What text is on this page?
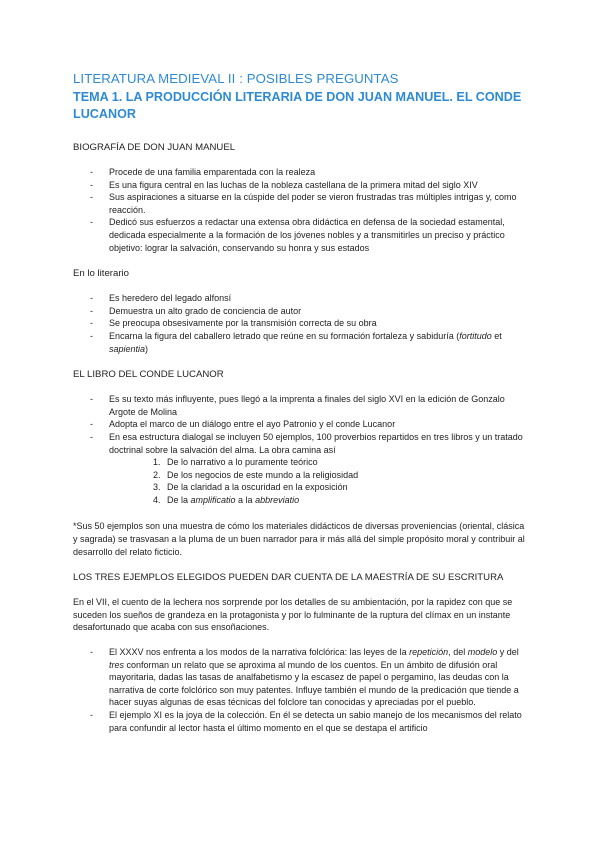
LITERATURA MEDIEVAL II : POSIBLES PREGUNTAS
TEMA 1. LA PRODUCCIÓN LITERARIA DE DON JUAN MANUEL. EL CONDE LUCANOR
BIOGRAFÍA DE DON JUAN MANUEL
- Procede de una familia emparentada con la realeza
- Es una figura central en las luchas de la nobleza castellana de la primera mitad del siglo XIV
- Sus aspiraciones a situarse en la cúspide del poder se vieron frustradas tras múltiples intrigas y, como reacción.
- Dedicó sus esfuerzos a redactar una extensa obra didáctica en defensa de la sociedad estamental, dedicada especialmente a la formación de los jóvenes nobles y a transmitirles un preciso y práctico objetivo: lograr la salvación, conservando su honra y sus estados
En lo literario
- Es heredero del legado alfonsí
- Demuestra un alto grado de conciencia de autor
- Se preocupa obsesivamente por la transmisión correcta de su obra
- Encarna la figura del caballero letrado que reúne en su formación fortaleza y sabiduría (fortitudo et sapientia)
EL LIBRO DEL CONDE LUCANOR
- Es su texto más influyente, pues llegó a la imprenta a finales del siglo XVI en la edición de Gonzalo Argote de Molina
- Adopta el marco de un diálogo entre el ayo Patronio y el conde Lucanor
- En esa estructura dialogal se incluyen 50 ejemplos, 100 proverbios repartidos en tres libros y un tratado doctrinal sobre la salvación del alma. La obra camina así
1. De lo narrativo a lo puramente teórico
2. De los negocios de este mundo a la religiosidad
3. De la claridad a la oscuridad en la exposición
4. De la amplificatio a la abbreviatio
*Sus 50 ejemplos son una muestra de cómo los materiales didácticos de diversas proveniencias (oriental, clásica y sagrada) se trasvasan a la pluma de un buen narrador para ir más allá del simple propósito moral y contribuir al desarrollo del relato ficticio.
LOS TRES EJEMPLOS ELEGIDOS PUEDEN DAR CUENTA DE LA MAESTRÍA DE SU ESCRITURA
En el VII, el cuento de la lechera nos sorprende por los detalles de su ambientación, por la rapidez con que se suceden los sueños de grandeza en la protagonista y por lo fulminante de la ruptura del clímax en un instante desafortunado que acaba con sus ensoñaciones.
- El XXXV nos enfrenta a los modos de la narrativa folclórica: las leyes de la repetición, del modelo y del tres conforman un relato que se aproxima al mundo de los cuentos. En un ámbito de difusión oral mayoritaria, dadas las tasas de analfabetismo y la escasez de papel o pergamino, las deudas con la narrativa de corte folclórico son muy patentes. Influye también el mundo de la predicación que tiende a hacer suyas algunas de esas técnicas del folclore tan conocidas y apreciadas por el pueblo.
- El ejemplo XI es la joya de la colección. En él se detecta un sabio manejo de los mecanismos del relato para confundir al lector hasta el último momento en el que se destapa el artificio
